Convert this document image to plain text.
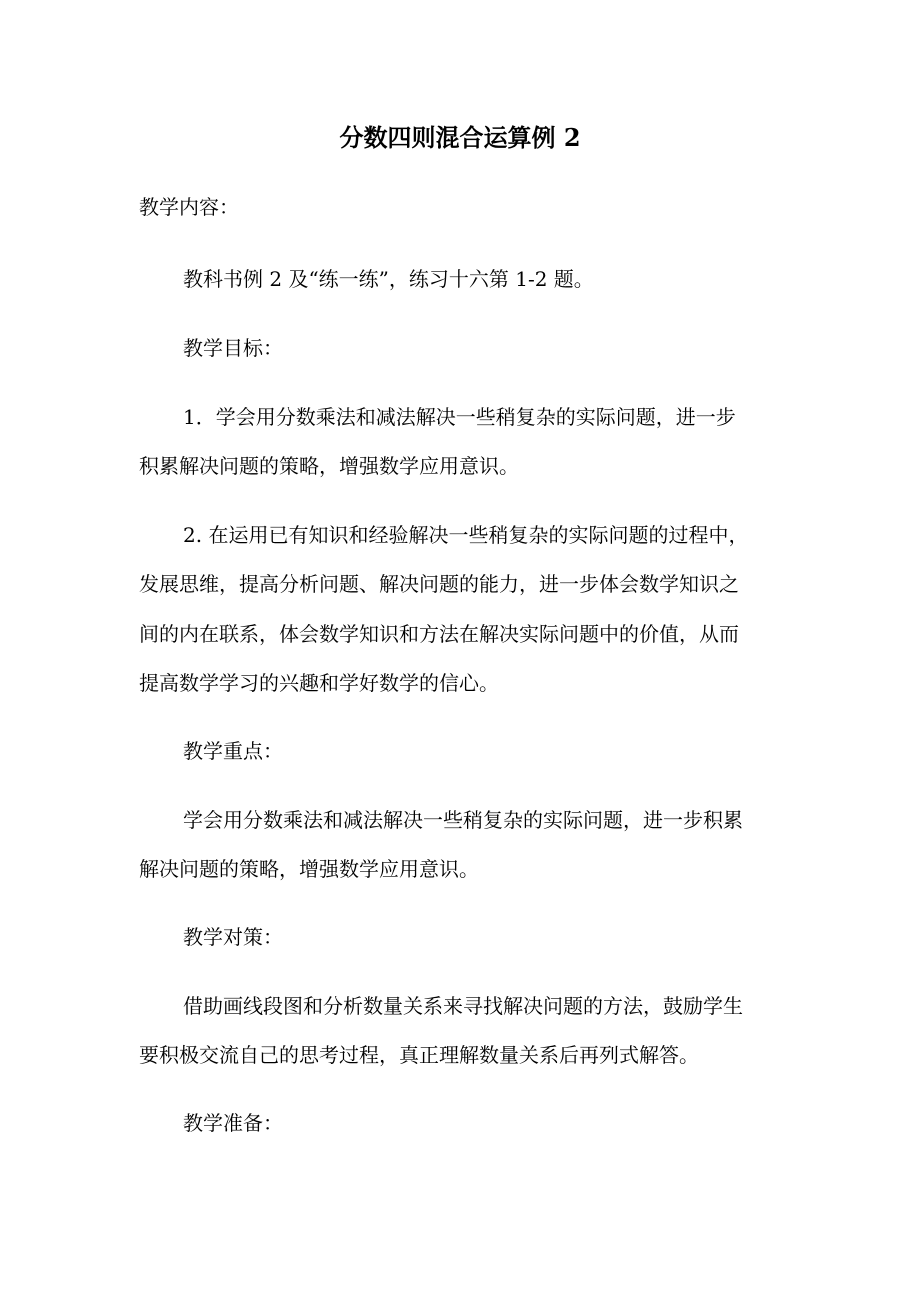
分数四则混合运算例 2

教学内容：

教科书例 2 及“练一练”，练习十六第 1-2 题。

教学目标：

1．学会用分数乘法和减法解决一些稍复杂的实际问题，进一步

积累解决问题的策略，增强数学应用意识。

2. 在运用已有知识和经验解决一些稍复杂的实际问题的过程中，

发展思维，提高分析问题、解决问题的能力，进一步体会数学知识之

间的内在联系，体会数学知识和方法在解决实际问题中的价值，从而

提高数学学习的兴趣和学好数学的信心。

教学重点：

学会用分数乘法和减法解决一些稍复杂的实际问题，进一步积累

解决问题的策略，增强数学应用意识。

教学对策：

借助画线段图和分析数量关系来寻找解决问题的方法，鼓励学生

要积极交流自己的思考过程，真正理解数量关系后再列式解答。

教学准备：
